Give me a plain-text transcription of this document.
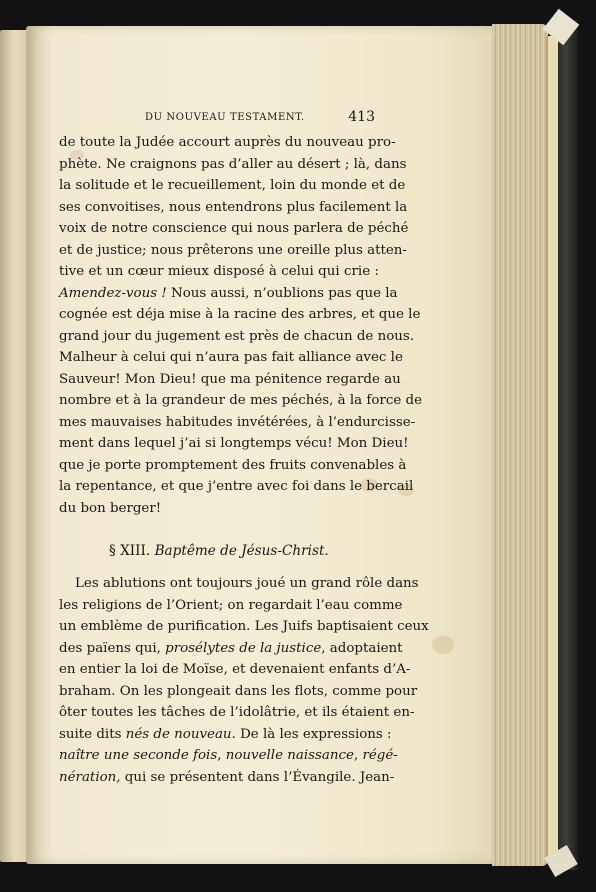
DU NOUVEAU TESTAMENT.	413
de toute la Judée accourt auprès du nouveau pro-
phète. Ne craignons pas d’aller au désert ; là, dans
la solitude et le recueillement, loin du monde et de
ses convoitises, nous entendrons plus facilement la
voix de notre conscience qui nous parlera de péché
et de justice; nous prêterons une oreille plus atten-
tive et un cœur mieux disposé à celui qui crie :
Amendez-vous ! Nous aussi, n’oublions pas que la
cognée est déja mise à la racine des arbres, et que le
grand jour du jugement est près de chacun de nous.
Malheur à celui qui n’aura pas fait alliance avec le
Sauveur! Mon Dieu! que ma pénitence regarde au
nombre et à la grandeur de mes péchés, à la force de
mes mauvaises habitudes invétérées, à l’endurcisse-
ment dans lequel j’ai si longtemps vécu! Mon Dieu!
que je porte promptement des fruits convenables à
la repentance, et que j’entre avec foi dans le bercail
du bon berger!
§ XIII. Baptême de Jésus-Christ.
Les ablutions ont toujours joué un grand rôle dans
les religions de l’Orient; on regardait l’eau comme
un emblème de purification. Les Juifs baptisaient ceux
des païens qui, prosélytes de la justice, adoptaient
en entier la loi de Moïse, et devenaient enfants d’A-
braham. On les plongeait dans les flots, comme pour
ôter toutes les tâches de l’idolâtrie, et ils étaient en-
suite dits nés de nouveau. De là les expressions :
naître une seconde fois, nouvelle naissance, régé-
nération, qui se présentent dans l’Évangile. Jean-
